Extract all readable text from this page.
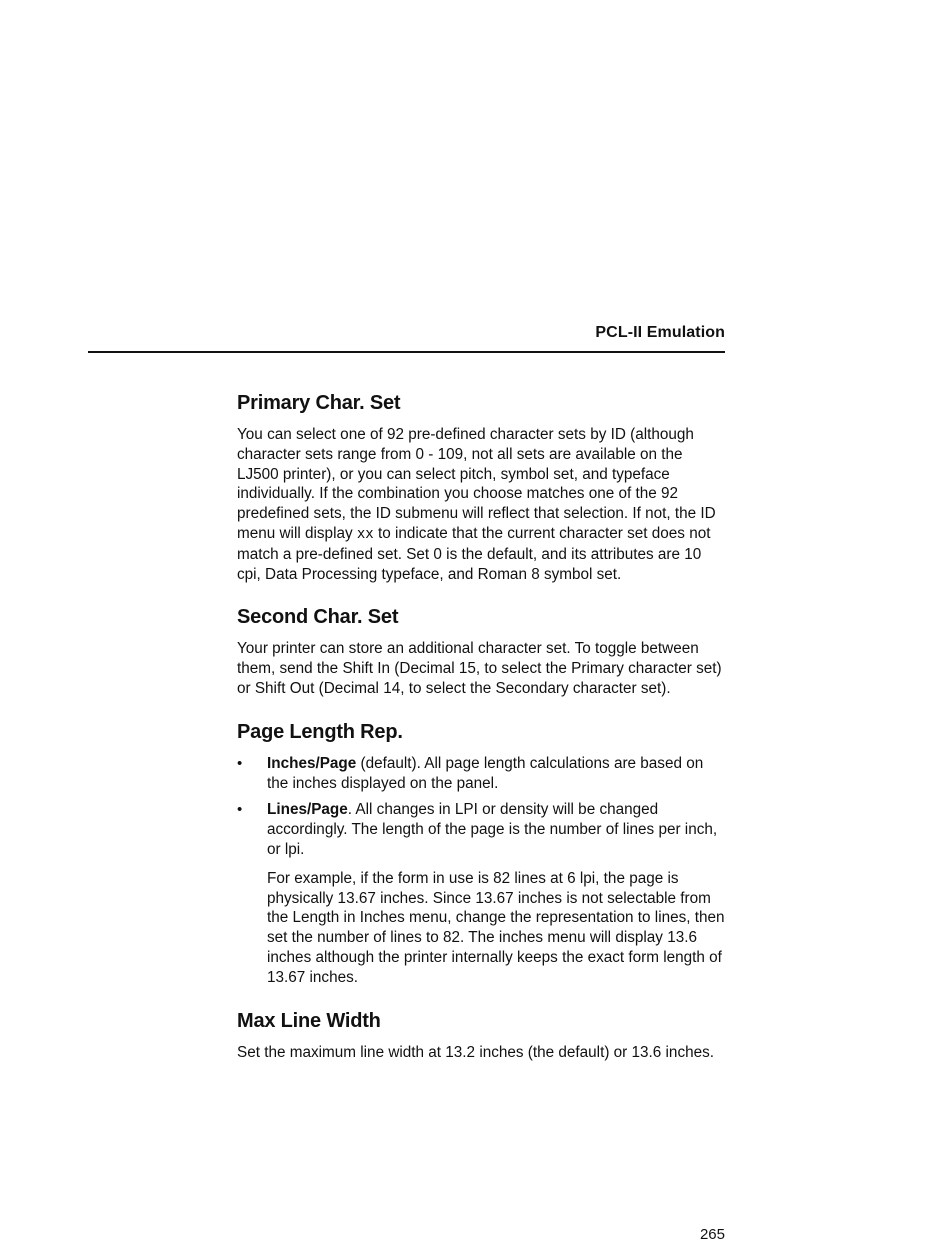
PCL-II Emulation
Primary Char. Set

You can select one of 92 pre-defined character sets by ID (although character sets range from 0 - 109, not all sets are available on the LJ500 printer), or you can select pitch, symbol set, and typeface individually. If the combination you choose matches one of the 92 predefined sets, the ID submenu will reflect that selection. If not, the ID menu will display xx to indicate that the current character set does not match a pre-defined set. Set 0 is the default, and its attributes are 10 cpi, Data Processing typeface, and Roman 8 symbol set.

Second Char. Set

Your printer can store an additional character set. To toggle between them, send the Shift In (Decimal 15, to select the Primary character set) or Shift Out (Decimal 14, to select the Secondary character set).

Page Length Rep.
• Inches/Page (default). All page length calculations are based on the inches displayed on the panel.
• Lines/Page. All changes in LPI or density will be changed accordingly. The length of the page is the number of lines per inch, or lpi.

For example, if the form in use is 82 lines at 6 lpi, the page is physically 13.67 inches. Since 13.67 inches is not selectable from the Length in Inches menu, change the representation to lines, then set the number of lines to 82. The inches menu will display 13.6 inches although the printer internally keeps the exact form length of 13.67 inches.

Max Line Width

Set the maximum line width at 13.2 inches (the default) or 13.6 inches.

265
